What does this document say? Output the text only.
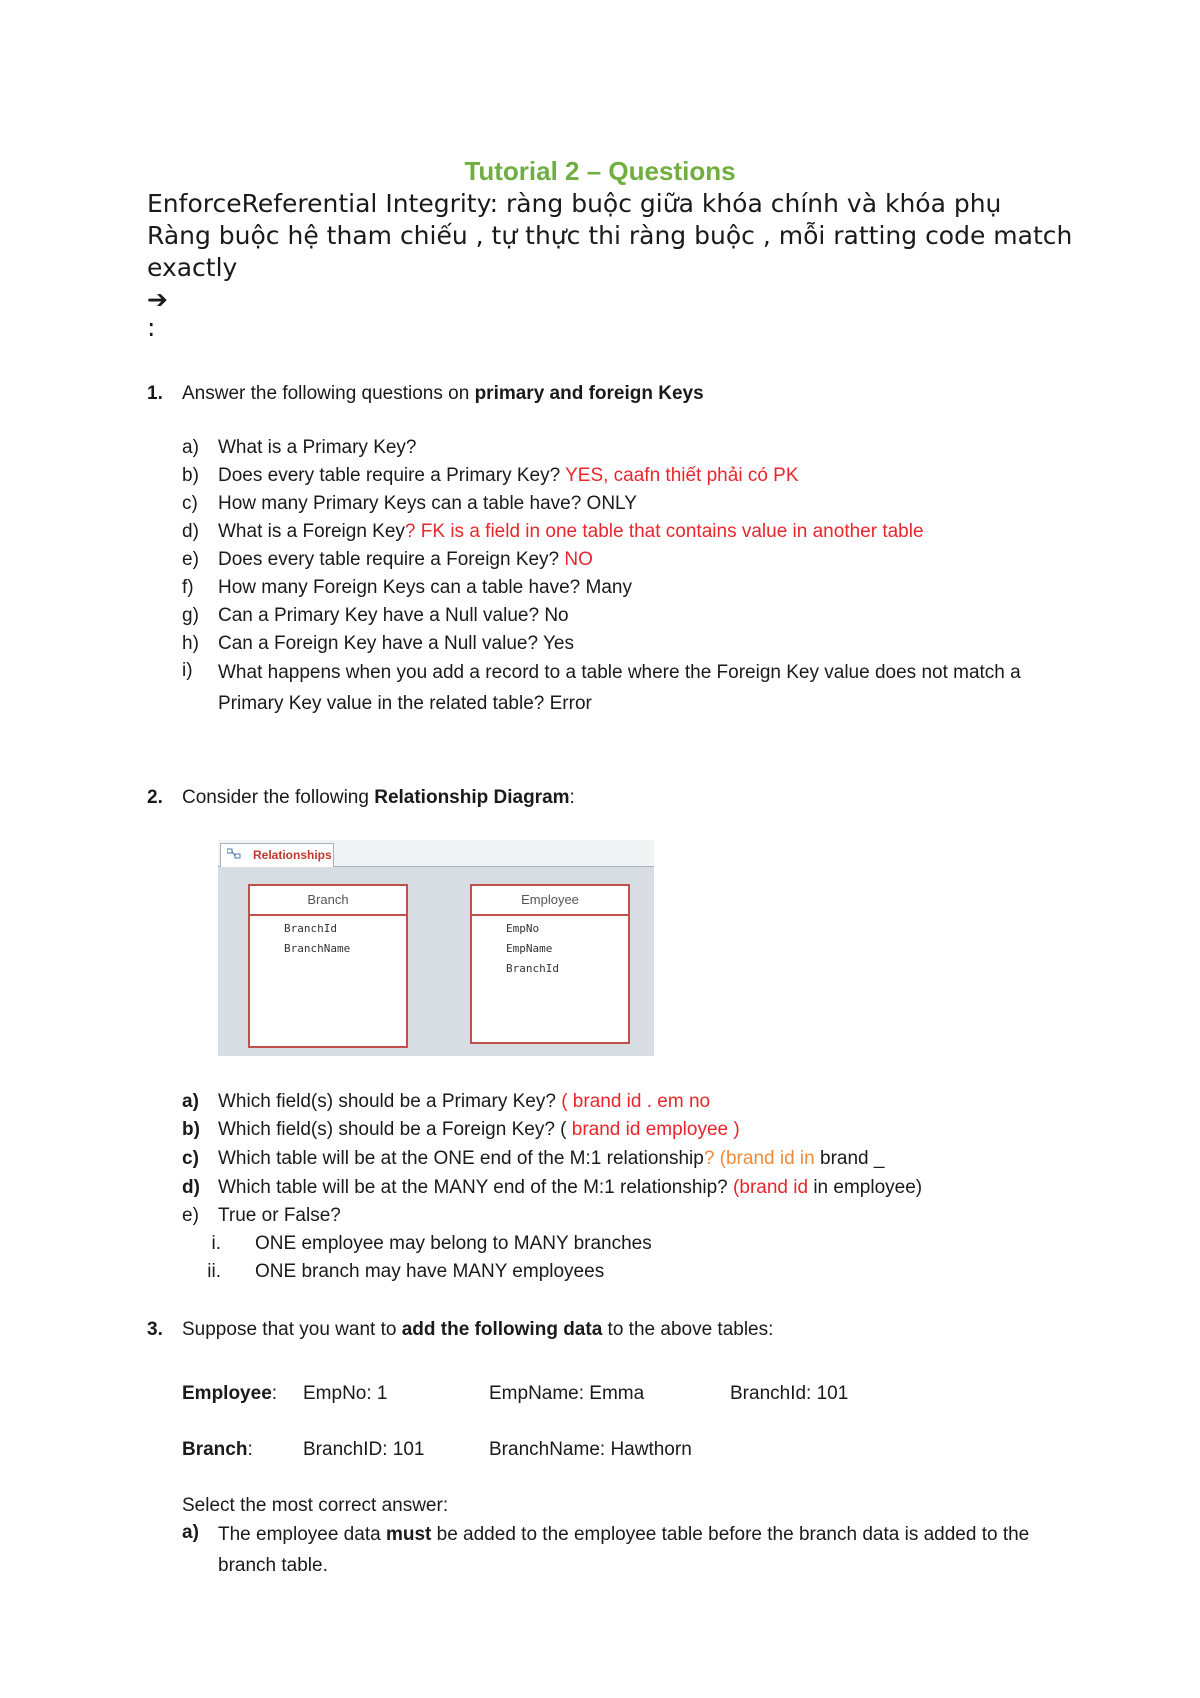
Tutorial 2 – Questions
EnforceReferential Integrity: ràng buộc giữa khóa chính và khóa phụ
Ràng buộc hệ tham chiếu , tự thực thi ràng buộc , mỗi ratting code match exactly
➔
:
1. Answer the following questions on primary and foreign Keys
a) What is a Primary Key?
b) Does every table require a Primary Key? YES, caafn thiết phải có PK
c) How many Primary Keys can a table have? ONLY
d) What is a Foreign Key? FK is a field in one table that contains value in another table
e) Does every table require a Foreign Key? NO
f) How many Foreign Keys can a table have? Many
g) Can a Primary Key have a Null value? No
h) Can a Foreign Key have a Null value? Yes
i) What happens when you add a record to a table where the Foreign Key value does not match a Primary Key value in the related table? Error
2. Consider the following Relationship Diagram:
Relationships
Branch
BranchId
BranchName
Employee
EmpNo
EmpName
BranchId
a) Which field(s) should be a Primary Key? ( brand id . em no
b) Which field(s) should be a Foreign Key? ( brand id employee )
c) Which table will be at the ONE end of the M:1 relationship? (brand id in brand _
d) Which table will be at the MANY end of the M:1 relationship? (brand id in employee)
e) True or False?
i. ONE employee may belong to MANY branches
ii. ONE branch may have MANY employees
3. Suppose that you want to add the following data to the above tables:
Employee : EmpNo: 1	EmpName: Emma	BranchId: 101
Branch :	BranchID: 101	BranchName: Hawthorn
Select the most correct answer:
a) The employee data must be added to the employee table before the branch data is added to the branch table.
